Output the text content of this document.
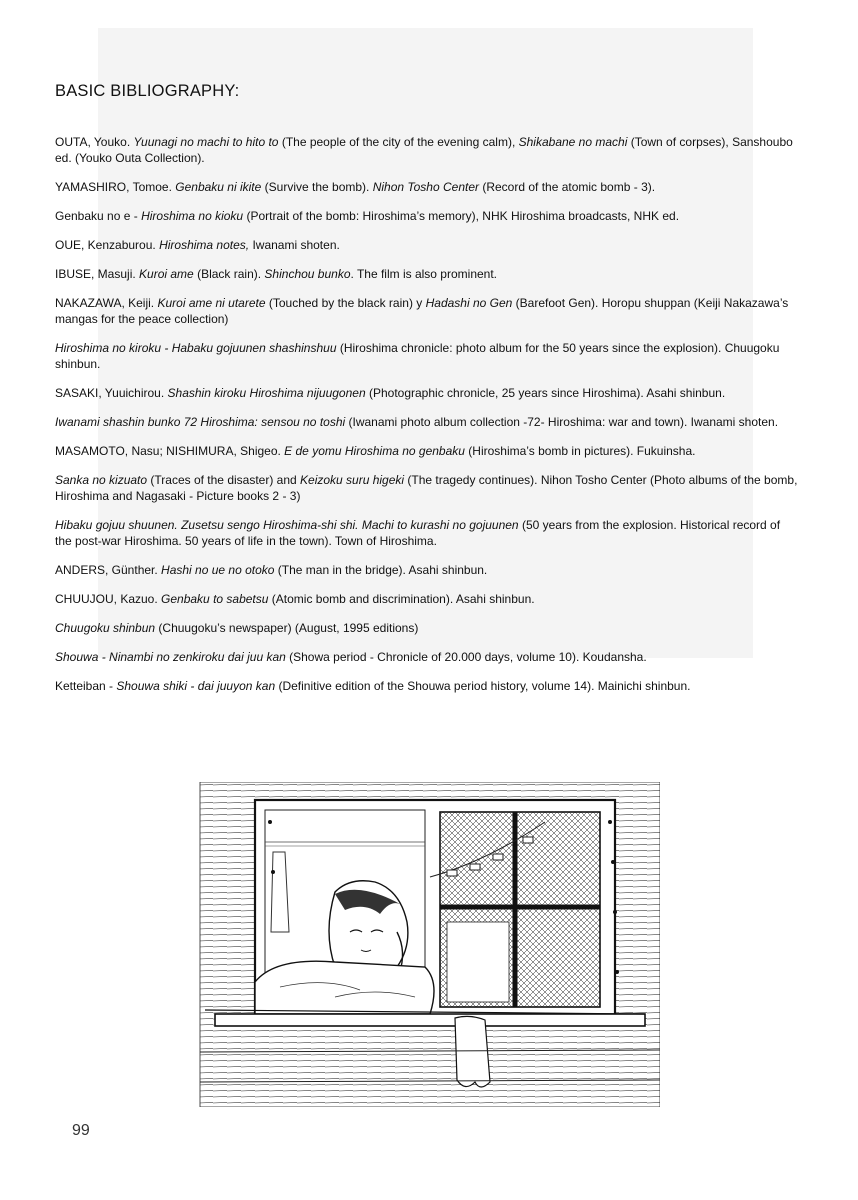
BASIC BIBLIOGRAPHY:

OUTA, Youko. Yuunagi no machi to hito to (The people of the city of the evening calm), Shikabane no machi (Town of corpses), Sanshoubo ed. (Youko Outa Collection).

YAMASHIRO, Tomoe. Genbaku ni ikite (Survive the bomb). Nihon Tosho Center (Record of the atomic bomb - 3).

Genbaku no e - Hiroshima no kioku (Portrait of the bomb: Hiroshima’s memory), NHK Hiroshima broadcasts, NHK ed.

OUE, Kenzaburou. Hiroshima notes, Iwanami shoten.

IBUSE, Masuji. Kuroi ame (Black rain). Shinchou bunko. The film is also prominent.

NAKAZAWA, Keiji. Kuroi ame ni utarete (Touched by the black rain) y Hadashi no Gen (Barefoot Gen). Horopu shuppan (Keiji Nakazawa’s mangas for the peace collection)

Hiroshima no kiroku - Habaku gojuunen shashinshuu (Hiroshima chronicle: photo album for the 50 years since the explosion). Chuugoku shinbun.

SASAKI, Yuuichirou. Shashin kiroku Hiroshima nijuugonen (Photographic chronicle, 25 years since Hiroshima). Asahi shinbun.

Iwanami shashin bunko 72 Hiroshima: sensou no toshi (Iwanami photo album collection -72- Hiroshima: war and town). Iwanami shoten.

MASAMOTO, Nasu; NISHIMURA, Shigeo. E de yomu Hiroshima no genbaku (Hiroshima’s bomb in pictures). Fukuinsha.

Sanka no kizuato (Traces of the disaster) and Keizoku suru higeki (The tragedy continues). Nihon Tosho Center (Photo albums of the bomb, Hiroshima and Nagasaki - Picture books 2 - 3)

Hibaku gojuu shuunen. Zusetsu sengo Hiroshima-shi shi. Machi to kurashi no gojuunen (50 years from the explosion. Historical record of the post-war Hiroshima. 50 years of life in the town). Town of Hiroshima.

ANDERS, Günther. Hashi no ue no otoko (The man in the bridge). Asahi shinbun.

CHUUJOU, Kazuo. Genbaku to sabetsu (Atomic bomb and discrimination). Asahi shinbun.

Chuugoku shinbun (Chuugoku’s newspaper) (August, 1995 editions)

Shouwa - Ninambi no zenkiroku dai juu kan (Showa period - Chronicle of 20.000 days, volume 10). Koudansha.

Ketteiban - Shouwa shiki - dai juuyon kan (Definitive edition of the Shouwa period history, volume 14). Mainichi shinbun.

99
